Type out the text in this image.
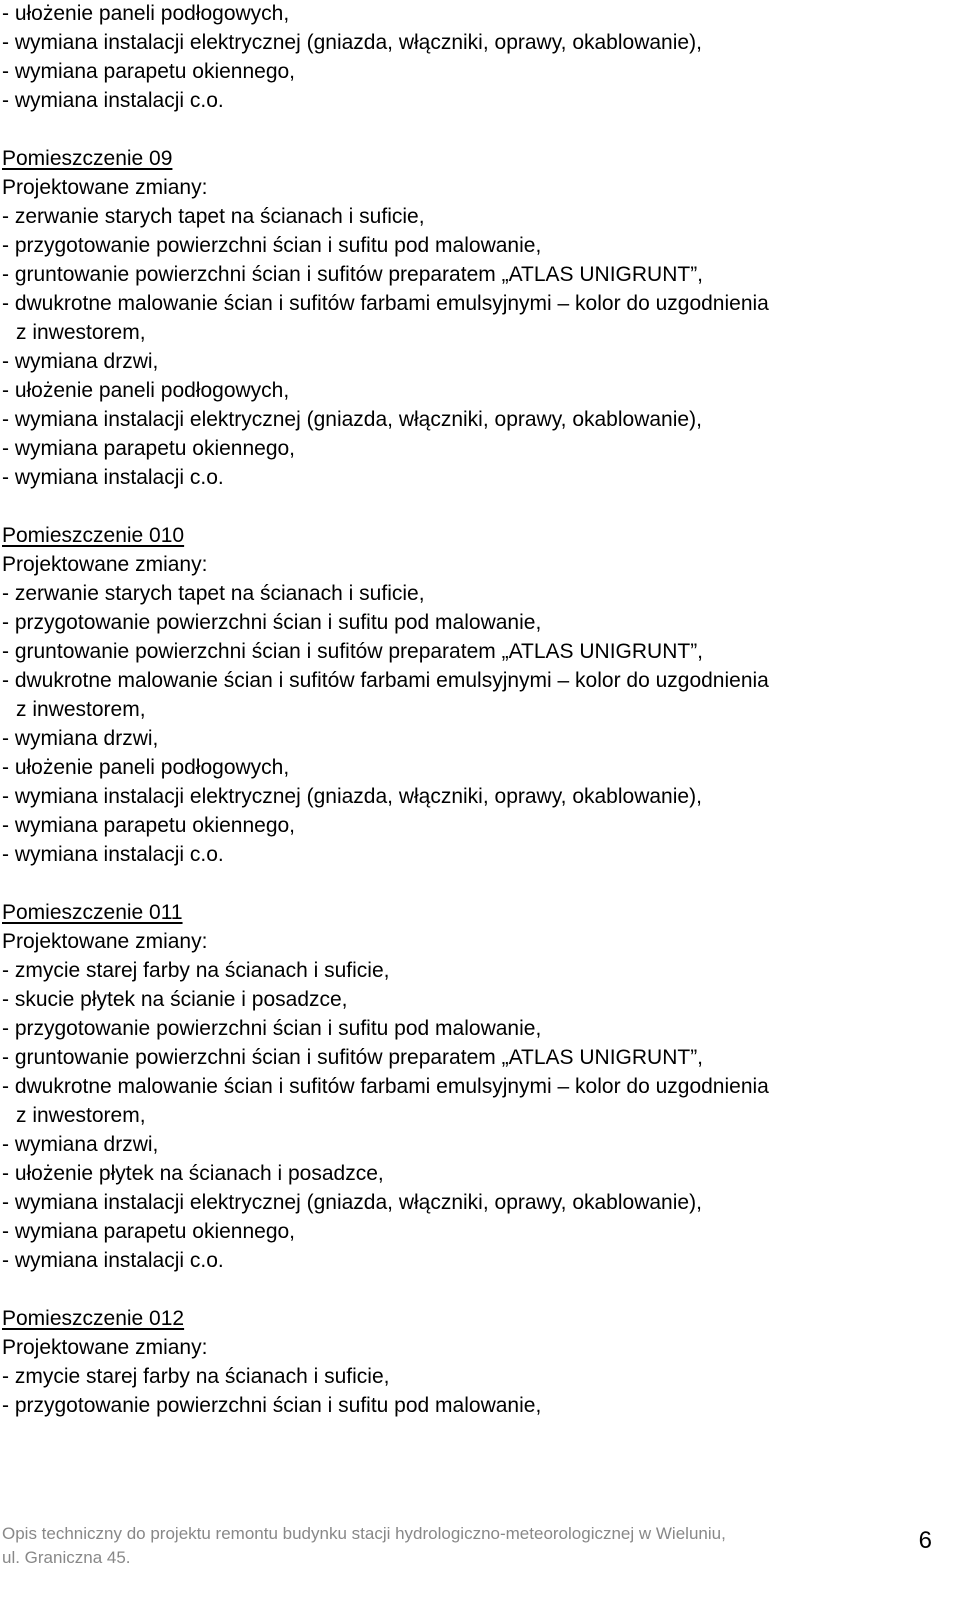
- ułożenie paneli podłogowych,
- wymiana instalacji elektrycznej (gniazda, włączniki, oprawy, okablowanie),
- wymiana parapetu okiennego,
- wymiana instalacji c.o.
Pomieszczenie 09
Projektowane zmiany:
- zerwanie starych tapet na ścianach i suficie,
- przygotowanie powierzchni ścian i sufitu pod malowanie,
- gruntowanie powierzchni ścian i sufitów preparatem „ATLAS UNIGRUNT”,
- dwukrotne malowanie ścian i sufitów farbami emulsyjnymi – kolor do uzgodnienia
z inwestorem,
- wymiana drzwi,
- ułożenie paneli podłogowych,
- wymiana instalacji elektrycznej (gniazda, włączniki, oprawy, okablowanie),
- wymiana parapetu okiennego,
- wymiana instalacji c.o.
Pomieszczenie 010
Projektowane zmiany:
- zerwanie starych tapet na ścianach i suficie,
- przygotowanie powierzchni ścian i sufitu pod malowanie,
- gruntowanie powierzchni ścian i sufitów preparatem „ATLAS UNIGRUNT”,
- dwukrotne malowanie ścian i sufitów farbami emulsyjnymi – kolor do uzgodnienia
z inwestorem,
- wymiana drzwi,
- ułożenie paneli podłogowych,
- wymiana instalacji elektrycznej (gniazda, włączniki, oprawy, okablowanie),
- wymiana parapetu okiennego,
- wymiana instalacji c.o.
Pomieszczenie 011
Projektowane zmiany:
- zmycie starej farby na ścianach i suficie,
- skucie płytek na ścianie i posadzce,
- przygotowanie powierzchni ścian i sufitu pod malowanie,
- gruntowanie powierzchni ścian i sufitów preparatem „ATLAS UNIGRUNT”,
- dwukrotne malowanie ścian i sufitów farbami emulsyjnymi – kolor do uzgodnienia
z inwestorem,
- wymiana drzwi,
- ułożenie płytek na ścianach i posadzce,
- wymiana instalacji elektrycznej (gniazda, włączniki, oprawy, okablowanie),
- wymiana parapetu okiennego,
- wymiana instalacji c.o.
Pomieszczenie 012
Projektowane zmiany:
- zmycie starej farby na ścianach i suficie,
- przygotowanie powierzchni ścian i sufitu pod malowanie,
Opis techniczny do projektu remontu budynku stacji hydrologiczno-meteorologicznej w Wieluniu,
ul. Graniczna 45.
6
